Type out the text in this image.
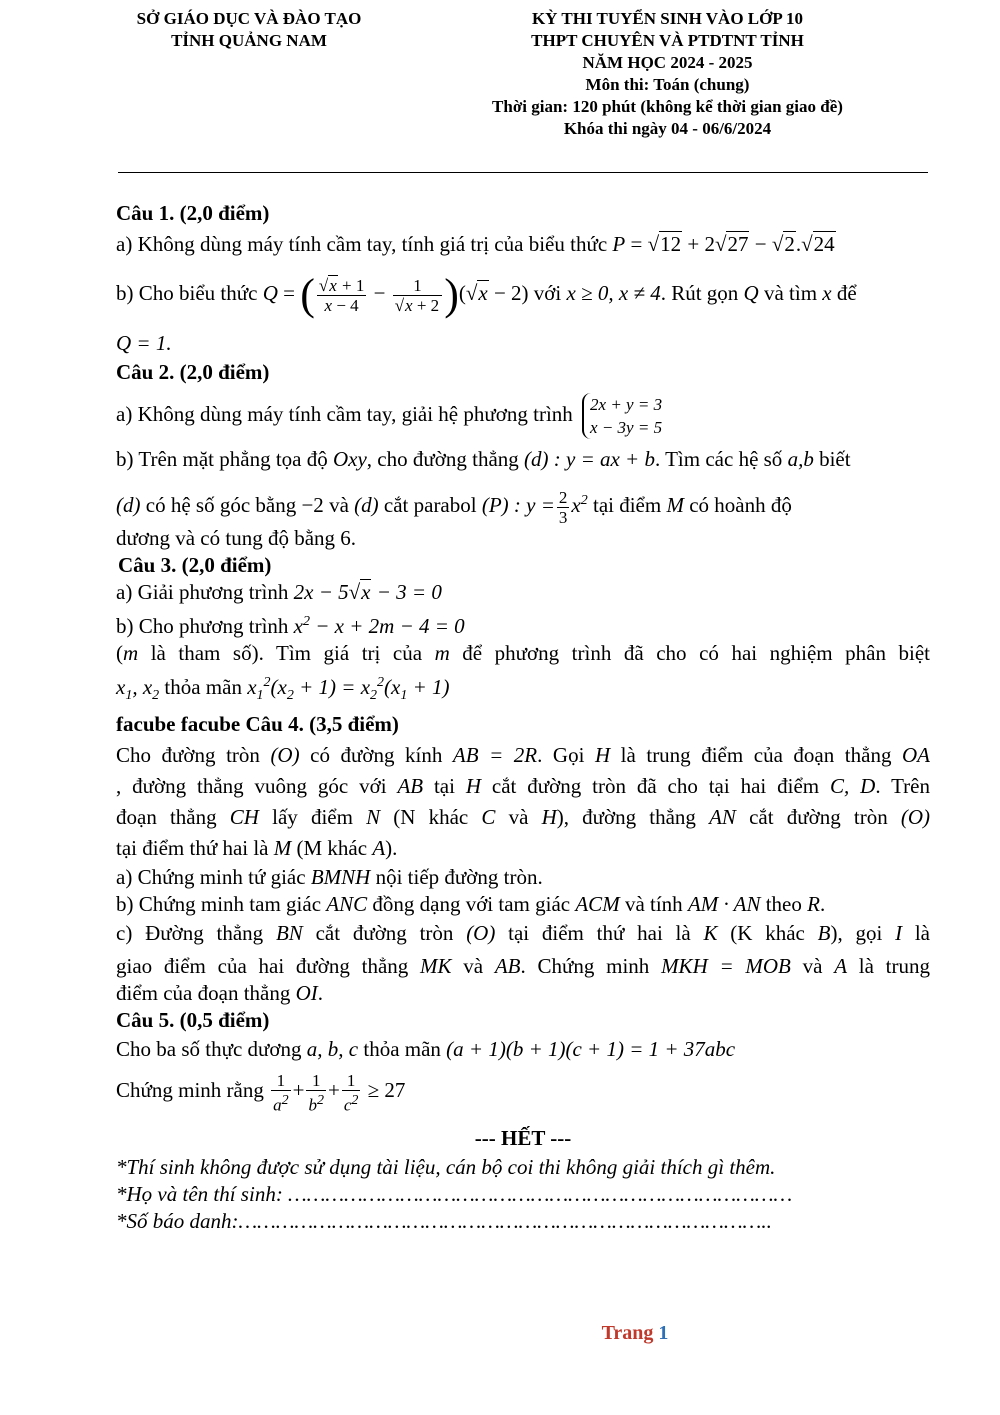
SỞ GIÁO DỤC VÀ ĐÀO TẠO
TỈNH QUẢNG NAM
KỲ THI TUYỂN SINH VÀO LỚP 10
THPT CHUYÊN VÀ PTDTNT TỈNH
NĂM HỌC 2024 - 2025
Môn thi: Toán (chung)
Thời gian: 120 phút (không kể thời gian giao đề)
Khóa thi ngày 04 - 06/6/2024
Câu 1. (2,0 điểm)
a) Không dùng máy tính cầm tay, tính giá trị của biểu thức P = √12 + 2√27 − √2.√24
b) Cho biểu thức Q = ( $\frac{√x + 1}{x - 4} - \frac{1}{√x + 2} )(√x - 2)$ với x ≥ 0, x ≠ 4. Rút gọn Q và tìm x để
Q = 1.
Câu 2. (2,0 điểm)
a) Không dùng máy tính cầm tay, giải hệ phương trình 2x + y = 3
x − 3y = 5
b) Trên mặt phẳng tọa độ Oxy, cho đường thẳng (d) : y = ax + b. Tìm các hệ số a,b biết
(d) có hệ số góc bằng −2 và (d) cắt parabol (P) : $y = \frac{2}{3} x^2$ tại điểm M có hoành độ
dương và có tung độ bằng 6.
Câu 3. (2,0 điểm)
a) Giải phương trình 2x − 5√x − 3 = 0
b) Cho phương trình $x^2 - x + 2m - 4 = 0$
(m là tham số). Tìm giá trị của m để phương trình đã cho có hai nghiệm phân biệt
$x_1$, $x_2$ thỏa mãn $x_1^2(x_2 + 1) = x_2^2(x_1 + 1)$
facube facube Câu 4. (3,5 điểm)
Cho đường tròn (O) có đường kính AB = 2R. Gọi H là trung điểm của đoạn thẳng OA
, đường thẳng vuông góc với AB tại H cắt đường tròn đã cho tại hai điểm C, D. Trên
đoạn thẳng CH lấy điểm N (N khác C và H), đường thẳng AN cắt đường tròn (O)
tại điểm thứ hai là M (M khác A).
a) Chứng minh tứ giác BMNH nội tiếp đường tròn.
b) Chứng minh tam giác ANC đồng dạng với tam giác ACM và tính AM · AN theo R.
c) Đường thẳng BN cắt đường tròn (O) tại điểm thứ hai là K (K khác B), gọi I là
giao điểm của hai đường thẳng MK và AB. Chứng minh MKH = MOB và A là trung
điểm của đoạn thẳng OI.
Câu 5. (0,5 điểm)
Cho ba số thực dương a, b, c thỏa mãn (a + 1)(b + 1)(c + 1) = 1 + 37abc
Chứng minh rằng $\frac{1}{a^2} + \frac{1}{b^2} + \frac{1}{c^2} \ge 27$
--- HẾT ---
*Thí sinh không được sử dụng tài liệu, cán bộ coi thi không giải thích gì thêm.
*Họ và tên thí sinh: ………………………………………………………………………
*Số báo danh:…………………………………………………………………………..
Trang 1
